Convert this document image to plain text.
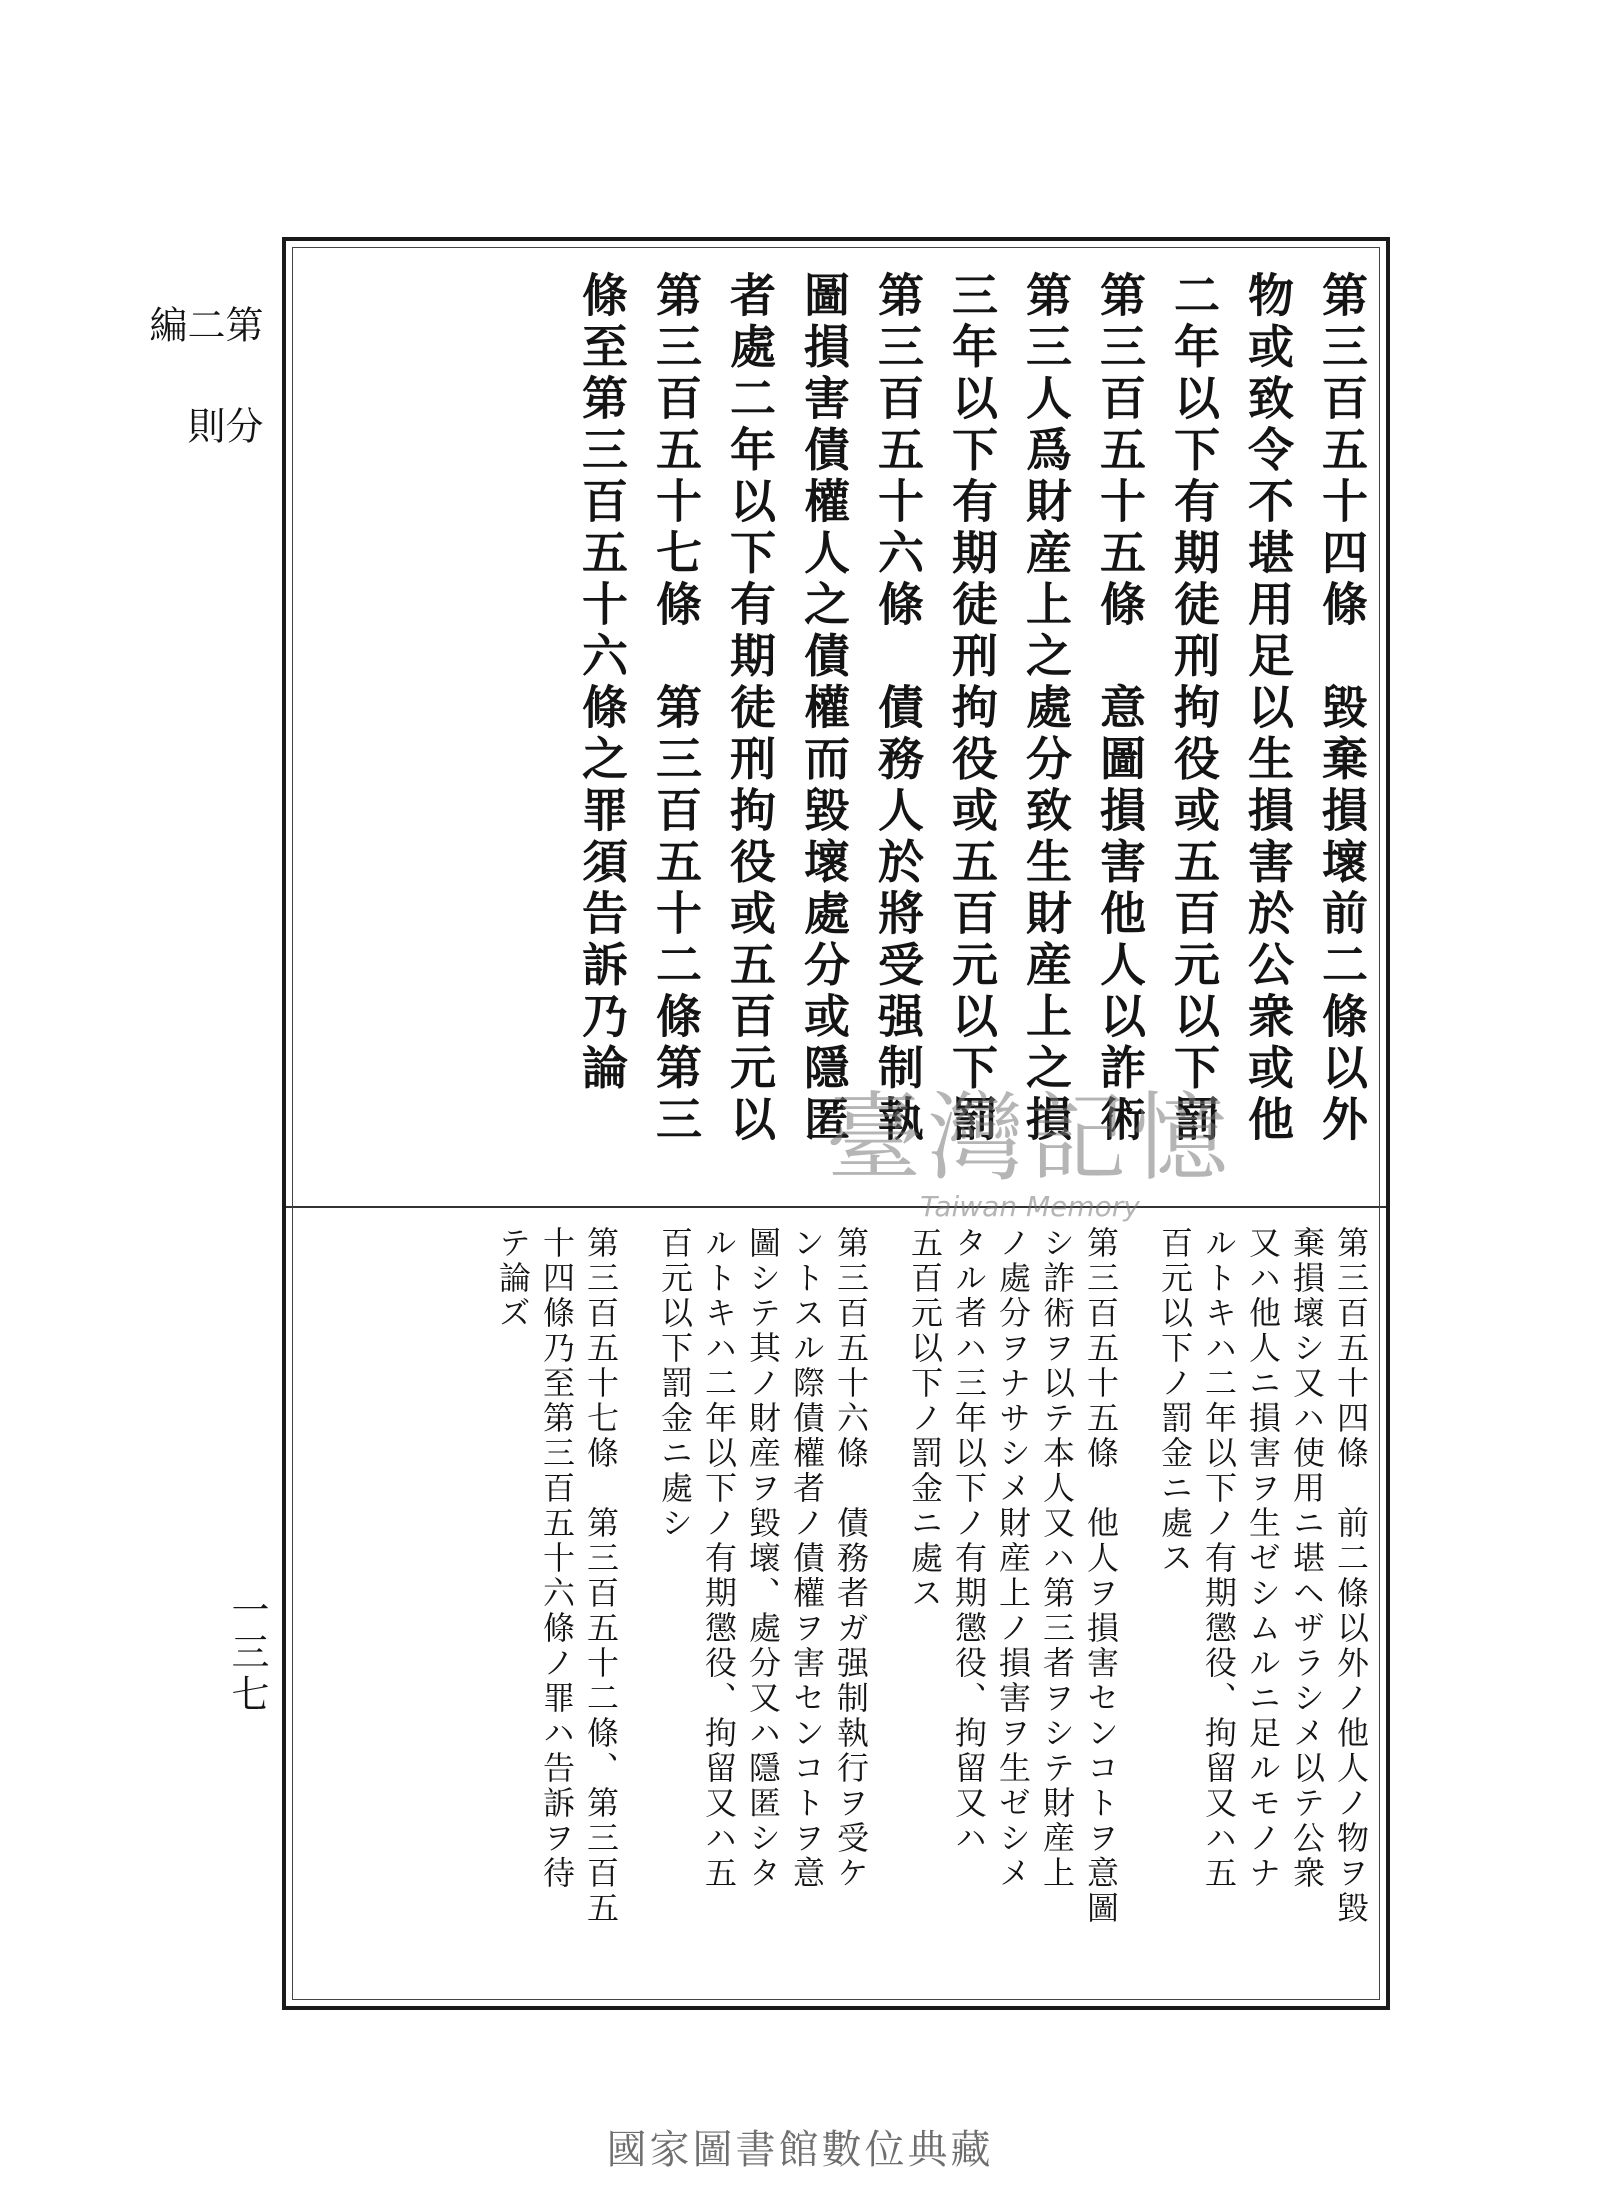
第二編
分則
一三七
第三百五十四條　毀棄損壞前二條以外
物或致令不堪用足以生損害於公衆或他
二年以下有期徒刑拘役或五百元以下罰
第三百五十五條　意圖損害他人以詐術
第三人爲財産上之處分致生財産上之損
三年以下有期徒刑拘役或五百元以下罰
第三百五十六條　債務人於將受强制執
圖損害債權人之債權而毀壞處分或隱匿
者處二年以下有期徒刑拘役或五百元以
第三百五十七條　第三百五十二條第三
條至第三百五十六條之罪須告訴乃論
第三百五十四條　前二條以外ノ他人ノ物ヲ毀
棄損壞シ又ハ使用ニ堪ヘザラシメ以テ公衆
又ハ他人ニ損害ヲ生ゼシムルニ足ルモノナ
ルトキハ二年以下ノ有期懲役、拘留又ハ五
百元以下ノ罰金ニ處ス
第三百五十五條　他人ヲ損害センコトヲ意圖
シ詐術ヲ以テ本人又ハ第三者ヲシテ財産上
ノ處分ヲナサシメ財産上ノ損害ヲ生ゼシメ
タル者ハ三年以下ノ有期懲役、拘留又ハ
五百元以下ノ罰金ニ處ス
第三百五十六條　債務者ガ强制執行ヲ受ケ
ントスル際債權者ノ債權ヲ害センコトヲ意
圖シテ其ノ財産ヲ毀壞、處分又ハ隱匿シタ
ルトキハ二年以下ノ有期懲役、拘留又ハ五
百元以下罰金ニ處シ
第三百五十七條　第三百五十二條、第三百五
十四條乃至第三百五十六條ノ罪ハ告訴ヲ待
テ論ズ
臺灣記憶
Taiwan Memory
國家圖書館數位典藏
